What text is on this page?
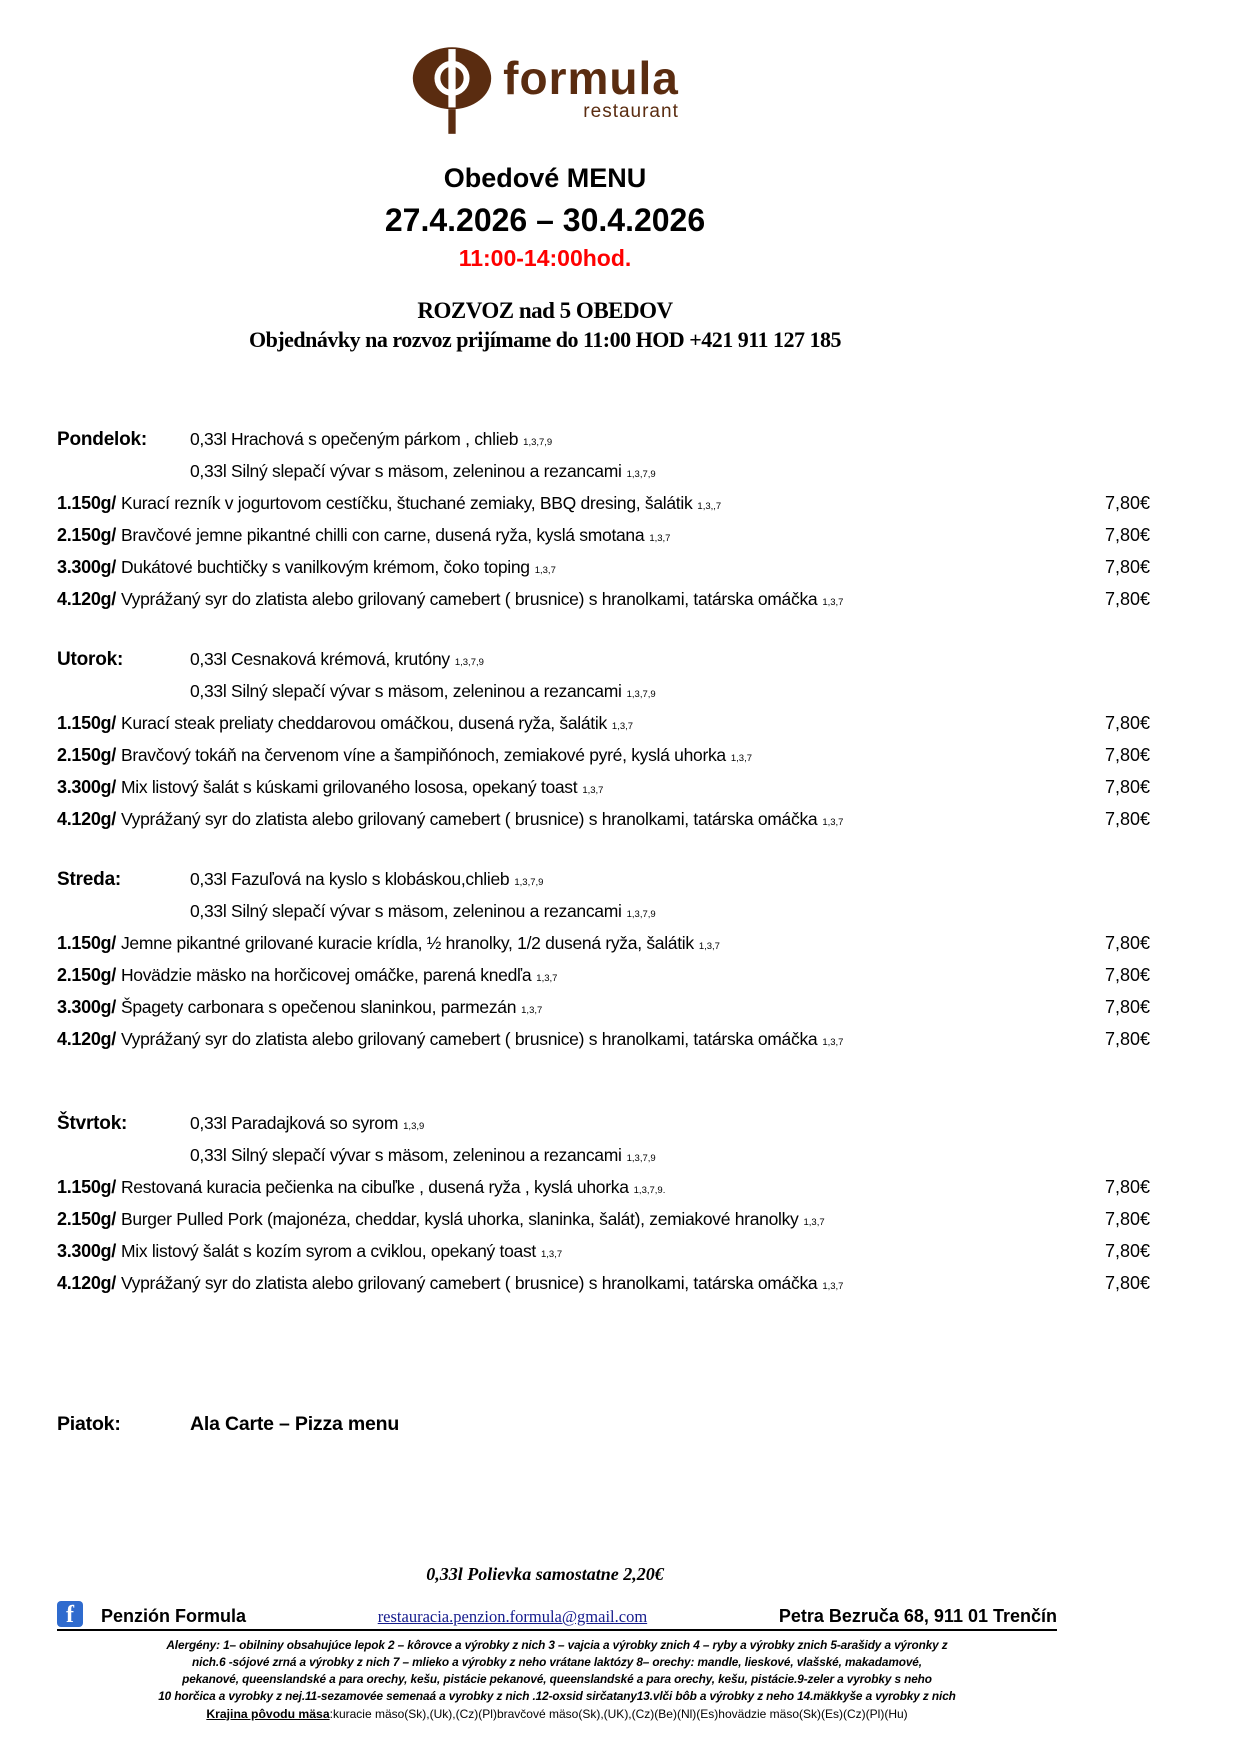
formula
restaurant
Obedové MENU
27.4.2026 – 30.4.2026
11:00-14:00hod.
ROZVOZ nad 5 OBEDOV
Objednávky na rozvoz prijímame do 11:00 HOD +421 911 127 185
Pondelok:	0,33l Hrachová s opečeným párkom , chlieb 1,3,7,9
0,33l Silný slepačí vývar s mäsom, zeleninou a rezancami 1,3,7,9
1.150g/ Kurací rezník v jogurtovom cestíčku, štuchané zemiaky, BBQ dresing, šalátik 1,3,,7	7,80€
2.150g/ Bravčové jemne pikantné chilli con carne, dusená ryža, kyslá smotana 1,3,7	7,80€
3.300g/ Dukátové buchtičky s vanilkovým krémom, čoko toping 1,3,7	7,80€
4.120g/ Vyprážaný syr do zlatista alebo grilovaný camebert ( brusnice) s hranolkami, tatárska omáčka 1,3,7	7,80€
Utorok:	0,33l Cesnaková krémová, krutóny 1,3,7,9
0,33l Silný slepačí vývar s mäsom, zeleninou a rezancami 1,3,7,9
1.150g/ Kurací steak preliaty cheddarovou omáčkou, dusená ryža, šalátik 1,3,7	7,80€
2.150g/ Bravčový tokáň na červenom víne a šampiňónoch, zemiakové pyré, kyslá uhorka 1,3,7	7,80€
3.300g/ Mix listový šalát s kúskami grilovaného lososa, opekaný toast 1,3,7	7,80€
4.120g/ Vyprážaný syr do zlatista alebo grilovaný camebert ( brusnice) s hranolkami, tatárska omáčka 1,3,7	7,80€
Streda:	0,33l Fazuľová na kyslo s klobáskou,chlieb 1,3,7,9
0,33l Silný slepačí vývar s mäsom, zeleninou a rezancami 1,3,7,9
1.150g/ Jemne pikantné grilované kuracie krídla, ½ hranolky, 1/2 dusená ryža, šalátik 1,3,7	7,80€
2.150g/ Hovädzie mäsko na horčicovej omáčke, parená knedľa 1,3,7	7,80€
3.300g/ Špagety carbonara s opečenou slaninkou, parmezán 1,3,7	7,80€
4.120g/ Vyprážaný syr do zlatista alebo grilovaný camebert ( brusnice) s hranolkami, tatárska omáčka 1,3,7	7,80€
Štvrtok:	0,33l Paradajková so syrom 1,3,9
0,33l Silný slepačí vývar s mäsom, zeleninou a rezancami 1,3,7,9
1.150g/ Restovaná kuracia pečienka na cibuľke , dusená ryža , kyslá uhorka 1,3,7,9.	7,80€
2.150g/ Burger Pulled Pork (majonéza, cheddar, kyslá uhorka, slaninka, šalát), zemiakové hranolky 1,3,7	7,80€
3.300g/ Mix listový šalát s kozím syrom a cviklou, opekaný toast 1,3,7	7,80€
4.120g/ Vyprážaný syr do zlatista alebo grilovaný camebert ( brusnice) s hranolkami, tatárska omáčka 1,3,7	7,80€
Piatok:	Ala Carte – Pizza menu
0,33l Polievka samostatne 2,20€
f	Penzión Formula	restauracia.penzion.formula@gmail.com	Petra Bezruča 68, 911 01 Trenčín
Alergény: 1– obilniny obsahujúce lepok 2 – kôrovce a výrobky z nich 3 – vajcia a výrobky znich 4 – ryby a výrobky znich 5-arašidy a výronky z
nich.6 -sójové zrná a výrobky z nich 7 – mlieko a výrobky z neho vrátane laktózy 8– orechy: mandle, lieskové, vlašské, makadamové,
pekanové, queenslandské a para orechy, kešu, pistácie pekanové, queenslandské a para orechy, kešu, pistácie.9-zeler a vyrobky s neho
10 horčica a vyrobky z nej.11-sezamovée semenaá a vyrobky z nich .12-oxsid sirčatany13.vlči bôb a výrobky z neho 14.mäkkyše a vyrobky z nich
Krajina pôvodu mäsa:kuracie mäso(Sk),(Uk),(Cz)(Pl)bravčové mäso(Sk),(UK),(Cz)(Be)(Nl)(Es)hovädzie mäso(Sk)(Es)(Cz)(Pl)(Hu)
